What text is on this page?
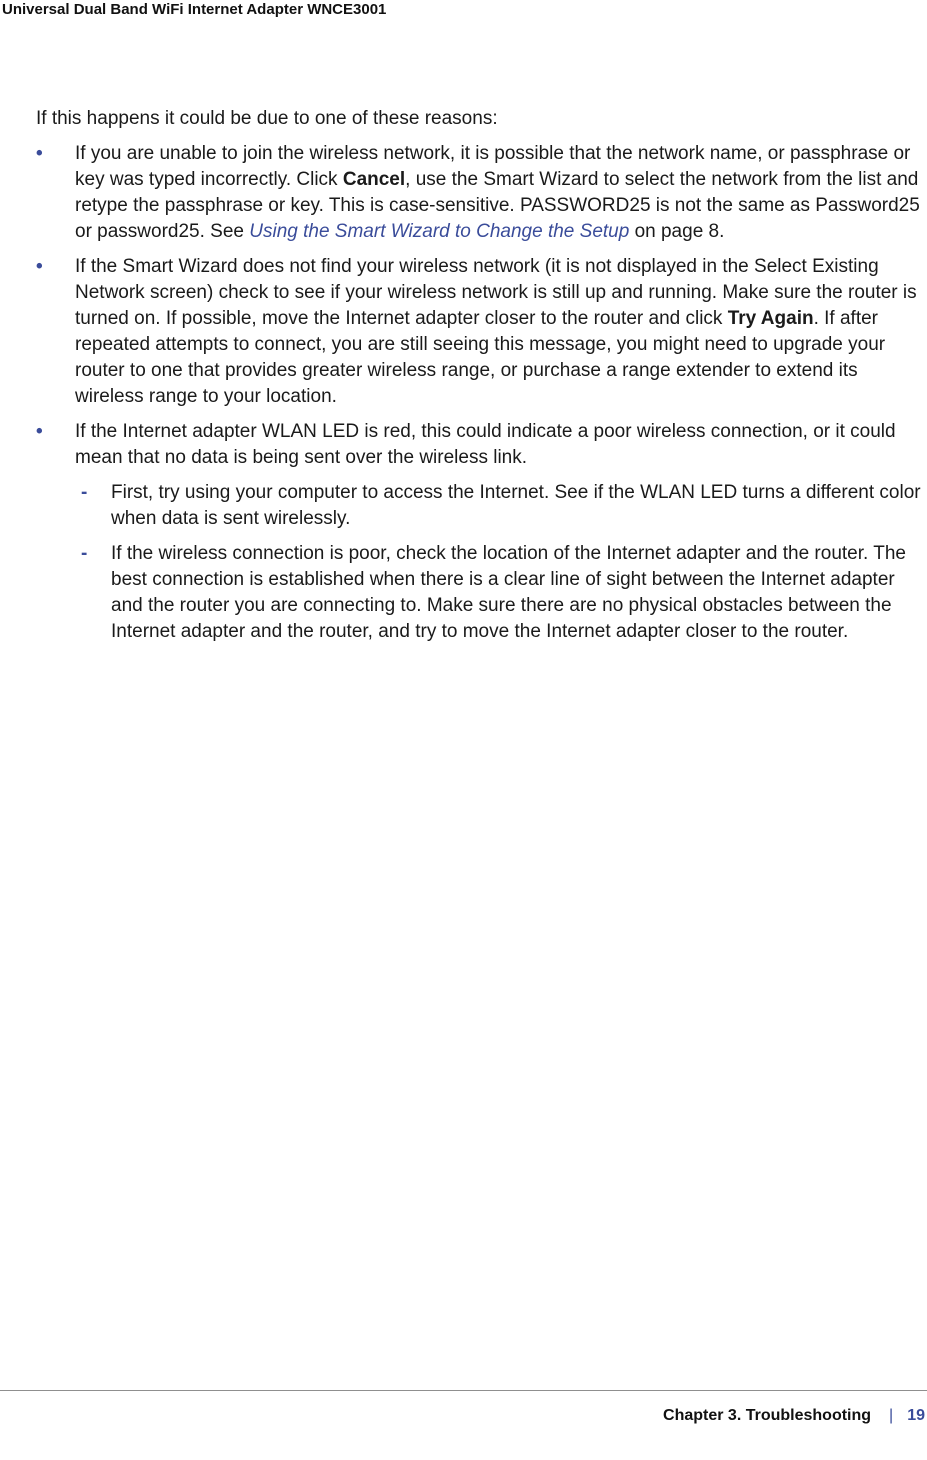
Universal Dual Band WiFi Internet Adapter WNCE3001

If this happens it could be due to one of these reasons:

•	If you are unable to join the wireless network, it is possible that the network name, or passphrase or key was typed incorrectly. Click Cancel, use the Smart Wizard to select the network from the list and retype the passphrase or key. This is case-sensitive. PASSWORD25 is not the same as Password25 or password25. See Using the Smart Wizard to Change the Setup on page 8.
•	If the Smart Wizard does not find your wireless network (it is not displayed in the Select Existing Network screen) check to see if your wireless network is still up and running. Make sure the router is turned on. If possible, move the Internet adapter closer to the router and click Try Again. If after repeated attempts to connect, you are still seeing this message, you might need to upgrade your router to one that provides greater wireless range, or purchase a range extender to extend its wireless range to your location.
•	If the Internet adapter WLAN LED is red, this could indicate a poor wireless connection, or it could mean that no data is being sent over the wireless link.
- First, try using your computer to access the Internet. See if the WLAN LED turns a different color when data is sent wirelessly.
- If the wireless connection is poor, check the location of the Internet adapter and the router. The best connection is established when there is a clear line of sight between the Internet adapter and the router you are connecting to. Make sure there are no physical obstacles between the Internet adapter and the router, and try to move the Internet adapter closer to the router.
Chapter 3. Troubleshooting | 19
